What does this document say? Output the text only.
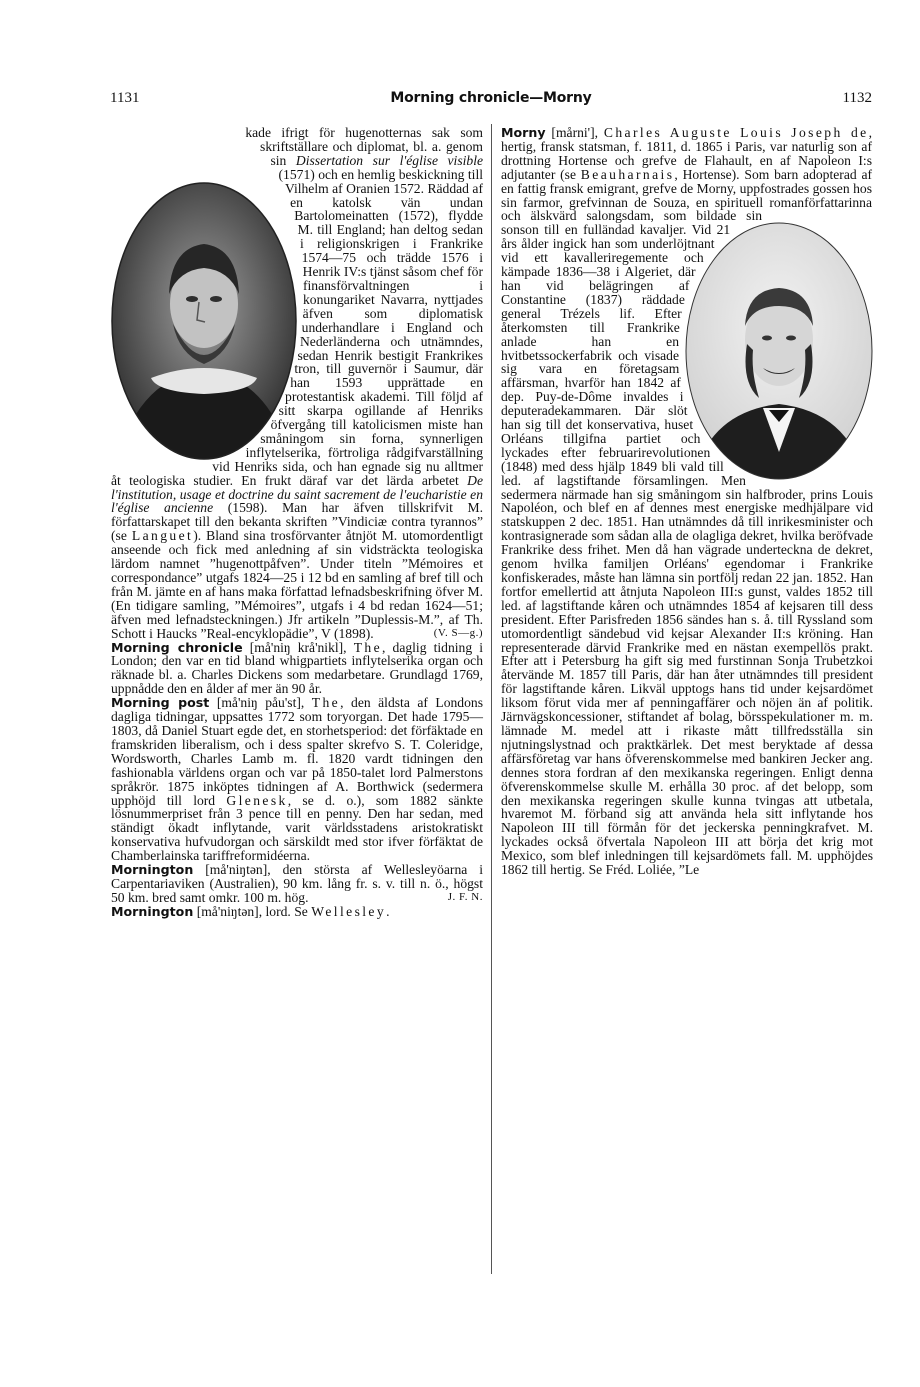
1131	Morning chronicle—Morny	1132

kade ifrigt för hugenotternas sak som skriftställare och diplomat, bl. a. genom sin Dissertation sur l'église visible (1571) och en hemlig beskickning till Vilhelm af Oranien 1572. Räddad af en katolsk vän undan Bartolomeinatten (1572), flydde M. till England; han deltog sedan i religionskrigen i Frankrike 1574—75 och trädde 1576 i Henrik IV:s tjänst såsom chef för finansförvaltningen i konungariket Navarra, nyttjades äfven som diplomatisk underhandlare i England och Nederländerna och utnämndes, sedan Henrik bestigit Frankrikes tron, till guvernör i Saumur, där han 1593 upprättade en protestantisk akademi. Till följd af sitt skarpa ogillande af Henriks öfvergång till katolicismen miste han småningom sin forna, synnerligen inflytelserika, förtroliga rådgifvarställning vid Henriks sida, och han egnade sig nu alltmer åt teologiska studier. En frukt däraf var det lärda arbetet De l'institution, usage et doctrine du saint sacrement de l'eucharistie en l'église ancienne (1598). Man har äfven tillskrifvit M. författarskapet till den bekanta skriften ”Vindiciæ contra tyrannos” (se Languet). Bland sina trosförvanter åtnjöt M. utomordentligt anseende och fick med anledning af sin vidsträckta teologiska lärdom namnet ”hugenottpåfven”. Under titeln ”Mémoires et correspondance” utgafs 1824—25 i 12 bd en samling af bref till och från M. jämte en af hans maka författad lefnadsbeskrifning öfver M. (En tidigare samling, ”Mémoires”, utgafs i 4 bd redan 1624—51; äfven med lefnadsteckningen.) Jfr artikeln ”Duplessis-M.”, af Th. Schott i Haucks ”Real-encyklopädie”, V (1898).	(V. S—g.)

Morning chronicle [må'niŋ krå'nikl], The, daglig tidning i London; den var en tid bland whigpartiets inflytelserika organ och räknade bl. a. Charles Dickens som medarbetare. Grundlagd 1769, uppnådde den en ålder af mer än 90 år.

Morning post [må'niŋ påu'st], The, den äldsta af Londons dagliga tidningar, uppsattes 1772 som toryorgan. Det hade 1795—1803, då Daniel Stuart egde det, en storhetsperiod: det förfäktade en framskriden liberalism, och i dess spalter skrefvo S. T. Coleridge, Wordsworth, Charles Lamb m. fl. 1820 vardt tidningen den fashionabla världens organ och var på 1850-talet lord Palmerstons språkrör. 1875 inköptes tidningen af A. Borthwick (sedermera upphöjd till lord Glenesk, se d. o.), som 1882 sänkte lösnummerpriset från 3 pence till en penny. Den har sedan, med ständigt ökadt inflytande, varit världsstadens aristokratiskt konservativa hufvudorgan och särskildt med stor ifver förfäktat de Chamberlainska tariffreformidéerna.

Mornington [må'niŋtən], den största af Wellesleyöarna i Carpentariaviken (Australien), 90 km. lång fr. s. v. till n. ö., högst 50 km. bred samt omkr. 100 m. hög.	J. F. N.

Mornington [må'niŋtən], lord. Se Wellesley.

Morny [mårni'], Charles Auguste Louis Joseph de, hertig, fransk statsman, f. 1811, d. 1865 i Paris, var naturlig son af drottning Hortense och grefve de Flahault, en af Napoleon I:s adjutanter (se Beauharnais, Hortense). Som barn adopterad af en fattig fransk emigrant, grefve de Morny, uppfostrades gossen hos sin farmor, grefvinnan de Souza, en spirituell romanförfattarinna och älskvärd salongsdam, som bildade sin sonson till en fulländad kavaljer. Vid 21 års ålder ingick han som underlöjtnant vid ett kavalleriregemente och kämpade 1836—38 i Algeriet, där han vid belägringen af Constantine (1837) räddade general Trézels lif. Efter återkomsten till Frankrike anlade han en hvitbetssockerfabrik och visade sig vara en företagsam affärsman, hvarför han 1842 af dep. Puy-de-Dôme invaldes i deputeradekammaren. Där slöt han sig till det konservativa, huset Orléans tillgifna partiet och lyckades efter februarirevolutionen (1848) med dess hjälp 1849 bli vald till led. af lagstiftande församlingen. Men sedermera närmade han sig småningom sin halfbroder, prins Louis Napoléon, och blef en af dennes mest energiske medhjälpare vid statskuppen 2 dec. 1851. Han utnämndes då till inrikesminister och kontrasignerade som sådan alla de olagliga dekret, hvilka beröfvade Frankrike dess frihet. Men då han vägrade underteckna de dekret, genom hvilka familjen Orléans' egendomar i Frankrike konfiskerades, måste han lämna sin portfölj redan 22 jan. 1852. Han fortfor emellertid att åtnjuta Napoleon III:s gunst, valdes 1852 till led. af lagstiftande kåren och utnämndes 1854 af kejsaren till dess president. Efter Parisfreden 1856 sändes han s. å. till Ryssland som utomordentligt sändebud vid kejsar Alexander II:s kröning. Han representerade därvid Frankrike med en nästan exempellös prakt. Efter att i Petersburg ha gift sig med furstinnan Sonja Trubetzkoi återvände M. 1857 till Paris, där han åter utnämndes till president för lagstiftande kåren. Likväl upptogs hans tid under kejsardömet liksom förut vida mer af penningaffärer och nöjen än af politik. Järnvägskoncessioner, stiftandet af bolag, börsspekulationer m. m. lämnade M. medel att i rikaste mått tillfredsställa sin njutningslystnad och praktkärlek. Det mest beryktade af dessa affärsföretag var hans öfverenskommelse med bankiren Jecker ang. dennes stora fordran af den mexikanska regeringen. Enligt denna öfverenskommelse skulle M. erhålla 30 proc. af det belopp, som den mexikanska regeringen skulle kunna tvingas att utbetala, hvaremot M. förband sig att använda hela sitt inflytande hos Napoleon III till förmån för det jeckerska penningkrafvet. M. lyckades också öfvertala Napoleon III att börja det krig mot Mexico, som blef inledningen till kejsardömets fall. M. upphöjdes 1862 till hertig. Se Fréd. Loliée, ”Le
